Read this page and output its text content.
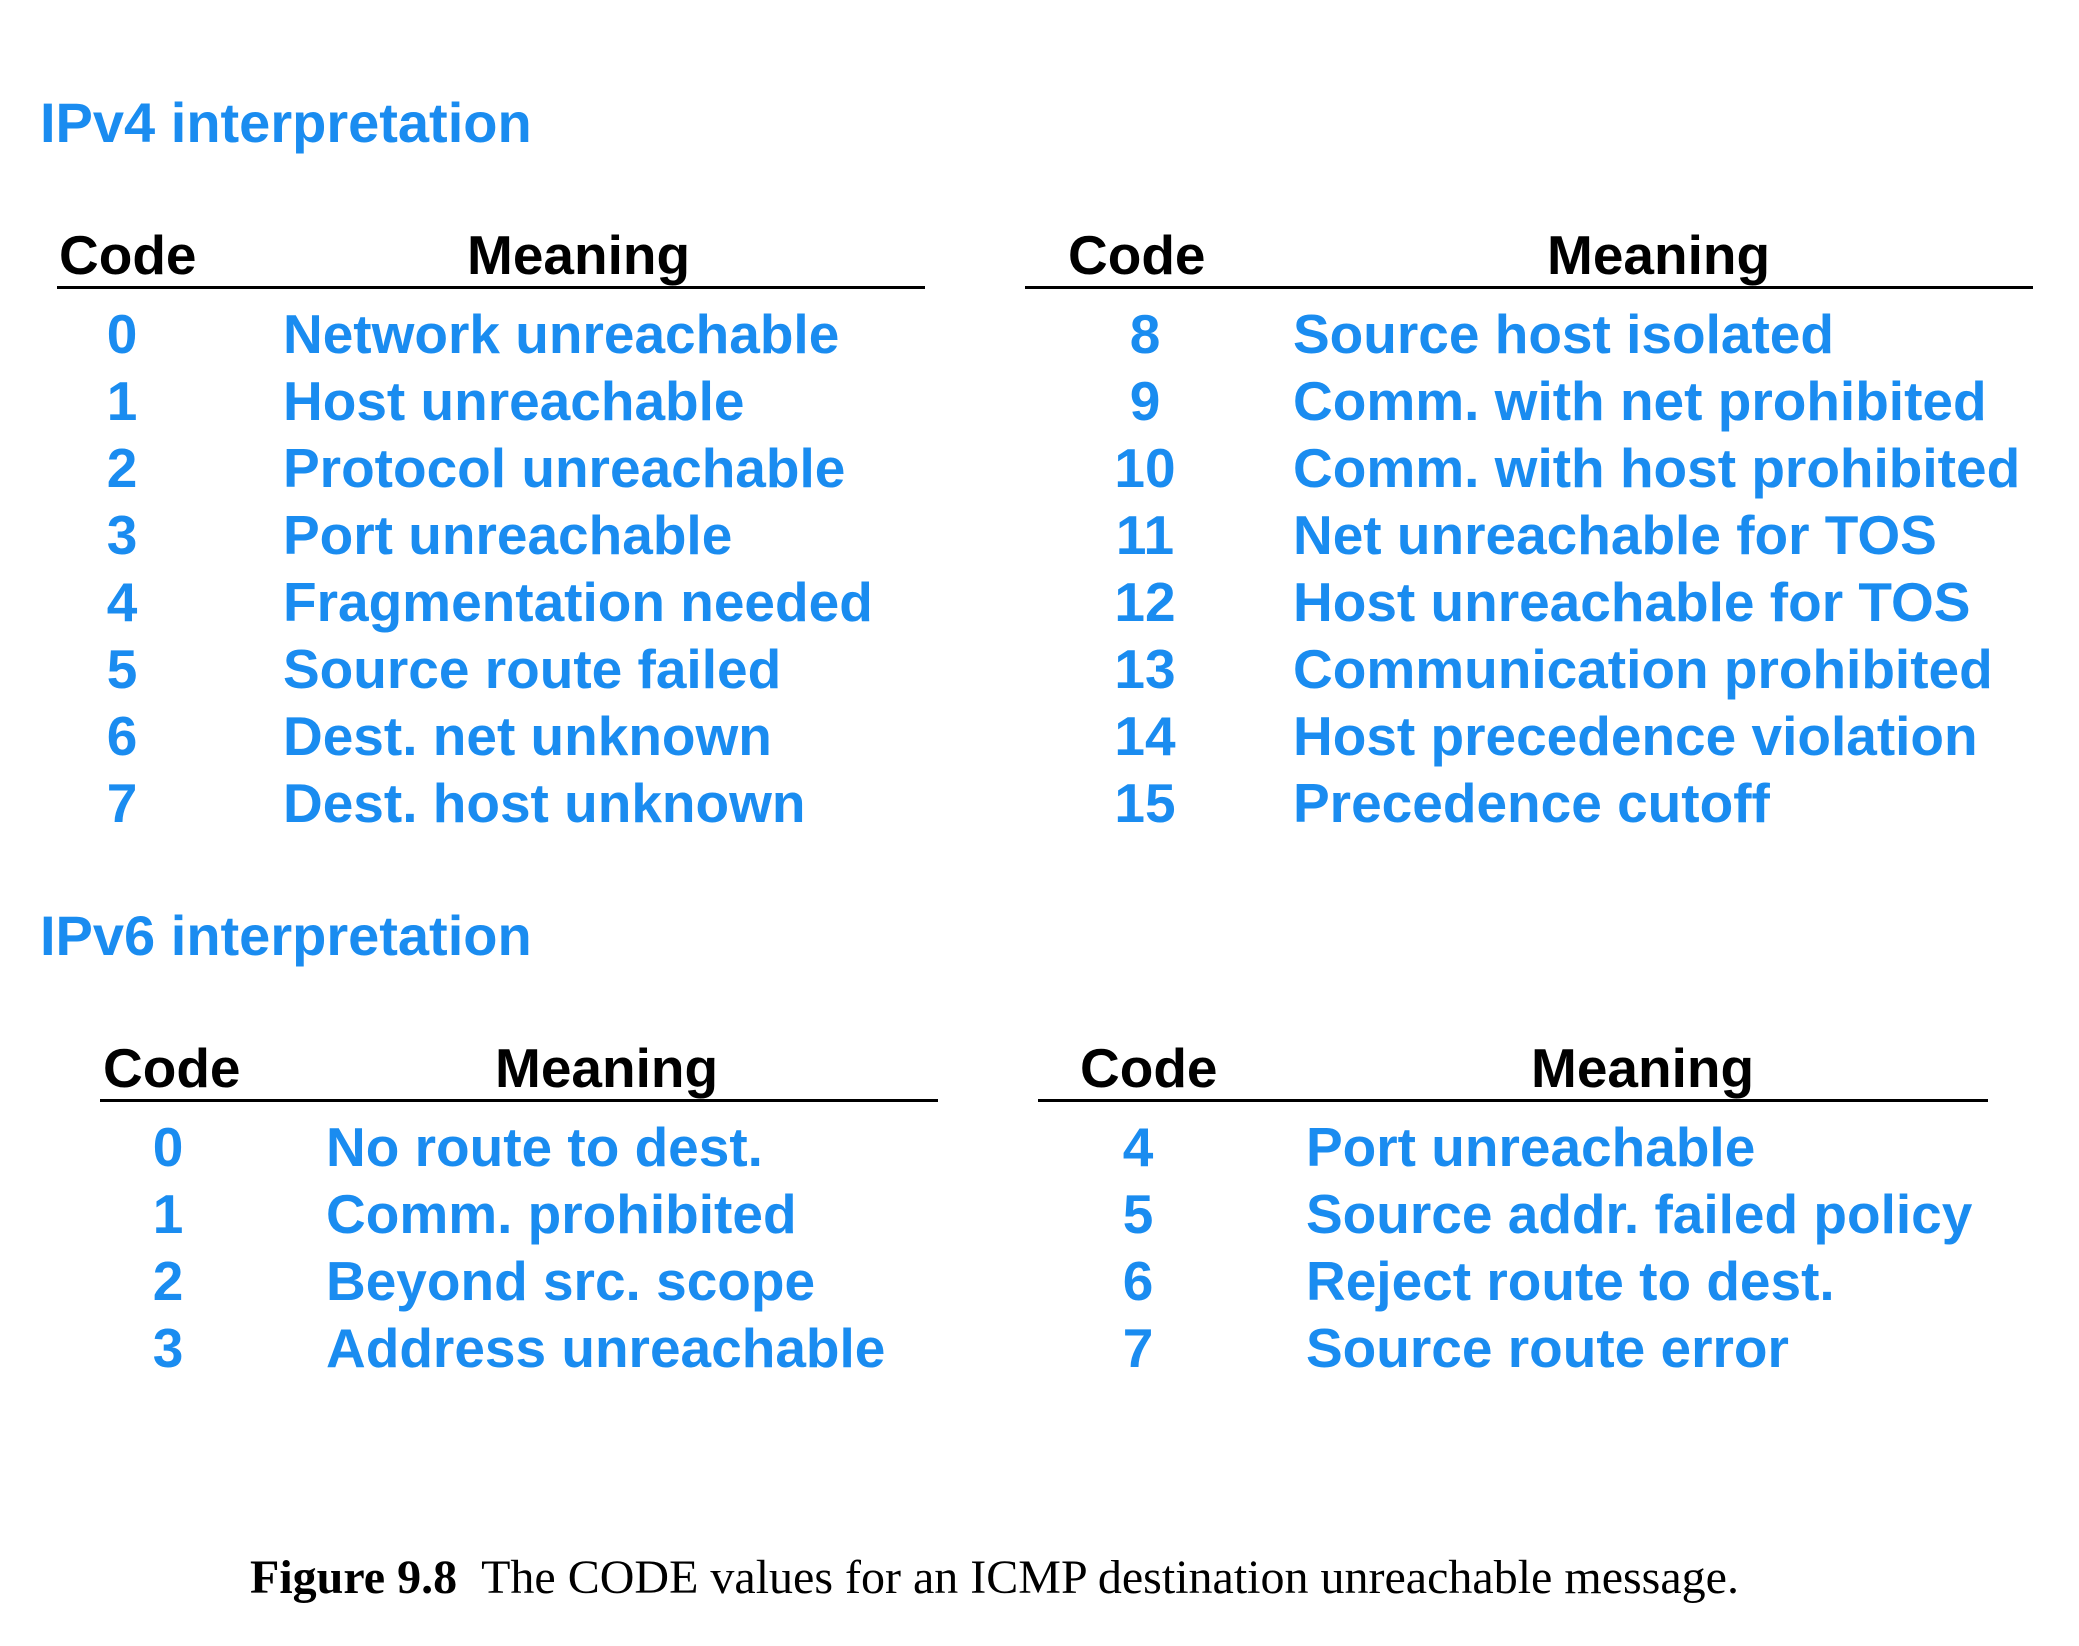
IPv4 interpretation
Code	Meaning
0	Network unreachable
1	Host unreachable
2	Protocol unreachable
3	Port unreachable
4	Fragmentation needed
5	Source route failed
6	Dest. net unknown
7	Dest. host unknown
Code	Meaning
8	Source host isolated
9	Comm. with net prohibited
10 Comm. with host prohibited
11 Net unreachable for TOS
12 Host unreachable for TOS
13 Communication prohibited
14 Host precedence violation
15 Precedence cutoff
IPv6 interpretation
Code	Meaning
0	No route to dest.
1	Comm. prohibited
2	Beyond src. scope
3	Address unreachable
Code	Meaning
4	Port unreachable
5	Source addr. failed policy
6	Reject route to dest.
7	Source route error
Figure 9.8 The CODE values for an ICMP destination unreachable message.
